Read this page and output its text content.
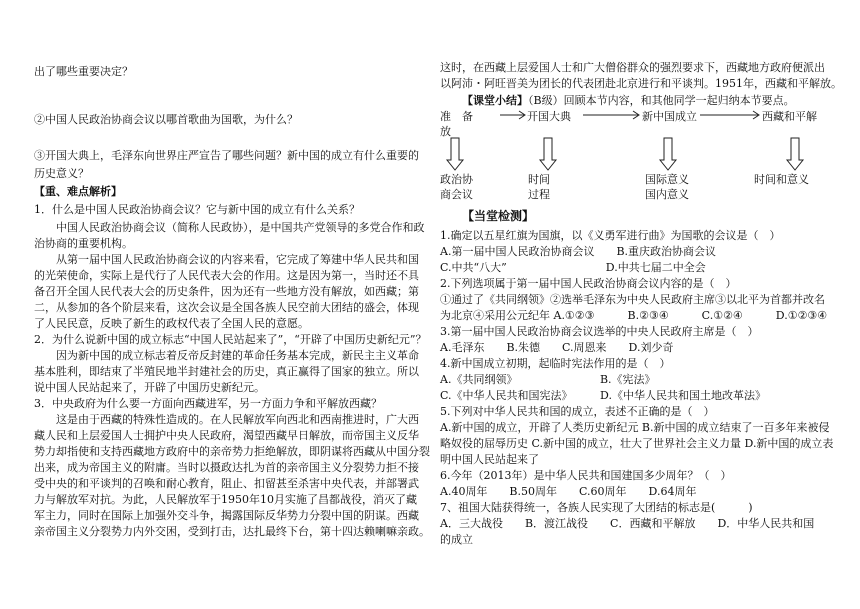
出了哪些重要决定？
②中国人民政治协商会议以哪首歌曲为国歌，为什么？
③开国大典上，毛泽东向世界庄严宣告了哪些问题？新中国的成立有什么重要的
历史意义？
【重、难点解析】
1．什么是中国人民政治协商会议？它与新中国的成立有什么关系？
中国人民政治协商会议（简称人民政协），是中国共产党领导的多党合作和政
治协商的重要机构。
从第一届中国人民政治协商会议的内容来看，它完成了筹建中华人民共和国
的光荣使命，实际上是代行了人民代表大会的作用。这是因为第一，当时还不具
备召开全国人民代表大会的历史条件，因为还有一些地方没有解放，如西藏；第
二，从参加的各个阶层来看，这次会议是全国各族人民空前大团结的盛会，体现
了人民民意，反映了新生的政权代表了全国人民的意愿。
2．为什么说新中国的成立标志“中国人民站起来了”，“开辟了中国历史新纪元”？
因为新中国的成立标志着反帝反封建的革命任务基本完成，新民主主义革命
基本胜利，即结束了半殖民地半封建社会的历史，真正赢得了国家的独立。所以
说中国人民站起来了，开辟了中国历史新纪元。
3．中央政府为什么要一方面向西藏进军，另一方面力争和平解放西藏？
这是由于西藏的特殊性造成的。在人民解放军向西北和西南推进时，广大西
藏人民和上层爱国人士拥护中央人民政府，渴望西藏早日解放，而帝国主义反华
势力却指使和支持西藏地方政府中的亲帝势力拒绝解放，即阴谋将西藏从中国分裂
出来，成为帝国主义的附庸。当时以摄政达扎为首的亲帝国主义分裂势力拒不接
受中央的和平谈判的召唤和耐心教育，阻止、扣留甚至杀害中央代表，并部署武
力与解放军对抗。为此，人民解放军于1950年10月实施了昌都战役，消灭了藏
军主力，同时在国际上加强外交斗争，揭露国际反华势力分裂中国的阴谋。西藏
亲帝国主义分裂势力内外交困，受到打击，达扎最终下台，第十四达赖喇嘛亲政。
这时，在西藏上层爱国人士和广大僧俗群众的强烈要求下，西藏地方政府便派出
以阿沛・阿旺晋美为团长的代表团赴北京进行和平谈判。1951年，西藏和平解放。
【课堂小结】（B级）回顾本节内容，和其他同学一起归纳本节要点。
准　备
放
开国大典	新中国成立	西藏和平解
政治协
商会议
时间
过程
国际意义
国内意义
时间和意义
【当堂检测】
1.确定以五星红旗为国旗，以《义勇军进行曲》为国歌的会议是（　）
A.第一届中国人民政治协商会议　　B.重庆政治协商会议
C.中共“八大”　　　　　　　　　D.中共七届二中全会
2.下列选项属于第一届中国人民政治协商会议内容的是（　）
①通过了《共同纲领》②选举毛泽东为中央人民政府主席③以北平为首都并改名
为北京④采用公元纪年 A.①②③　　　B.②③④　　　C.①②④　　　D.①②③④
3.第一届中国人民政治协商会议选举的中央人民政府主席是（　）
A.毛泽东　　B.朱德　　C.周恩来　　D.刘少奇
4.新中国成立初期，起临时宪法作用的是（　）
A.《共同纲领》　　　　　　　　B.《宪法》
C.《中华人民共和国宪法》　　　D.《中华人民共和国土地改革法》
5.下列对中华人民共和国的成立，表述不正确的是（　）
A.新中国的成立，开辟了人类历史新纪元 B.新中国的成立结束了一百多年来被侵
略奴役的屈辱历史 C.新中国的成立，壮大了世界社会主义力量 D.新中国的成立表
明中国人民站起来了
6.今年（2013年）是中华人民共和国建国多少周年？（　）
A.40周年　　B.50周年　　C.60周年　　D.64周年
7、祖国大陆获得统一，各族人民实现了大团结的标志是(　　　)
A．三大战役　　B．渡江战役　　C．西藏和平解放　　D．中华人民共和国
的成立
